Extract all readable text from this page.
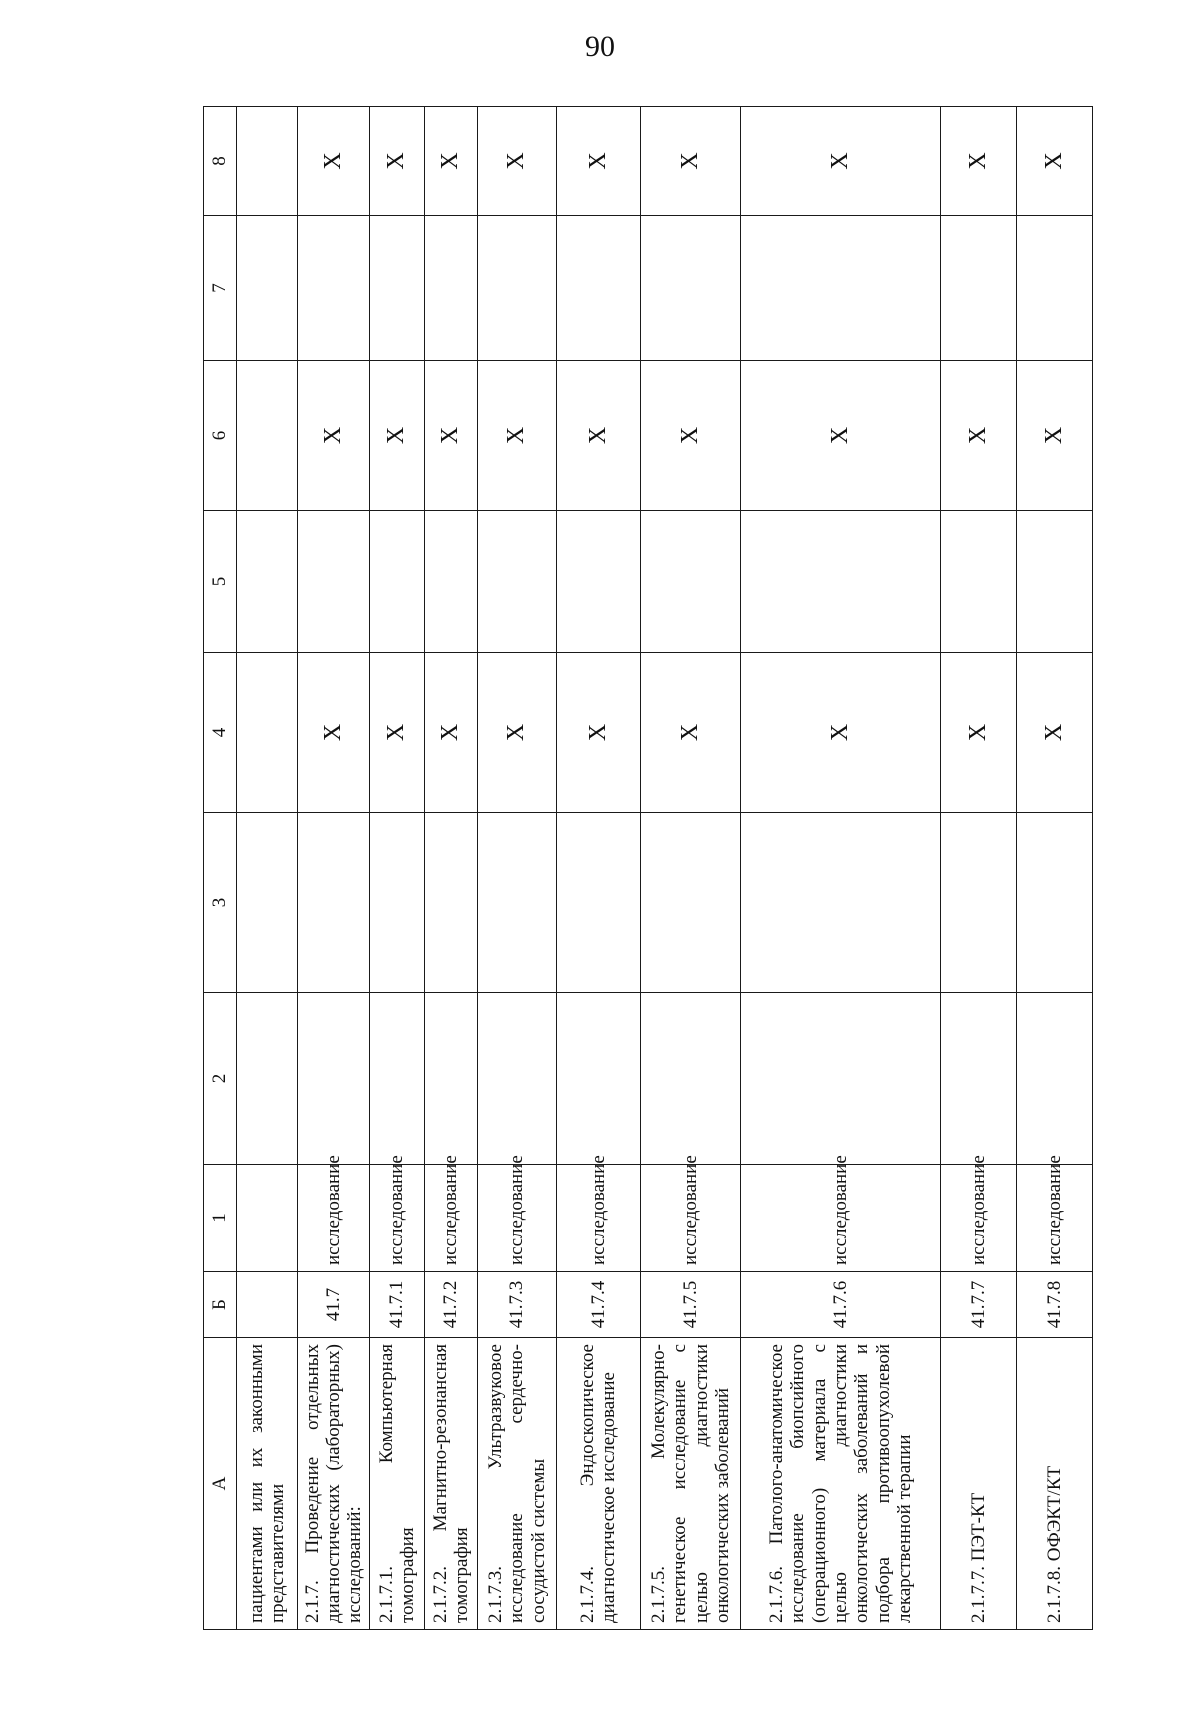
90
А	Б	1	2	3	4	5	6	7	8
пациентами или их законными представителями									
2.1.7. Проведение отдельных диагностических (лабораторных) исследований:	41.7	исследование			X		X		X
2.1.7.1. Компьютерная томография	41.7.1	исследование			X		X		X
2.1.7.2. Магнитно-резонансная томография	41.7.2	исследование			X		X		X
2.1.7.3. Ультразвуковое исследование сердечно-сосудистой системы	41.7.3	исследование			X		X		X
2.1.7.4. Эндоскопическое диагностическое исследование	41.7.4	исследование			X		X		X
2.1.7.5. Молекулярно-генетическое исследование с целью диагностики онкологических заболеваний	41.7.5	исследование			X		X		X
2.1.7.6. Патолого-анатомическое исследование биопсийного (операционного) материала с целью диагностики онкологических заболеваний и подбора противоопухолевой лекарственной терапии	41.7.6	исследование			X		X		X
2.1.7.7. ПЭТ-КТ	41.7.7	исследование			X		X		X
2.1.7.8. ОФЭКТ/КТ	41.7.8	исследование			X		X		X
